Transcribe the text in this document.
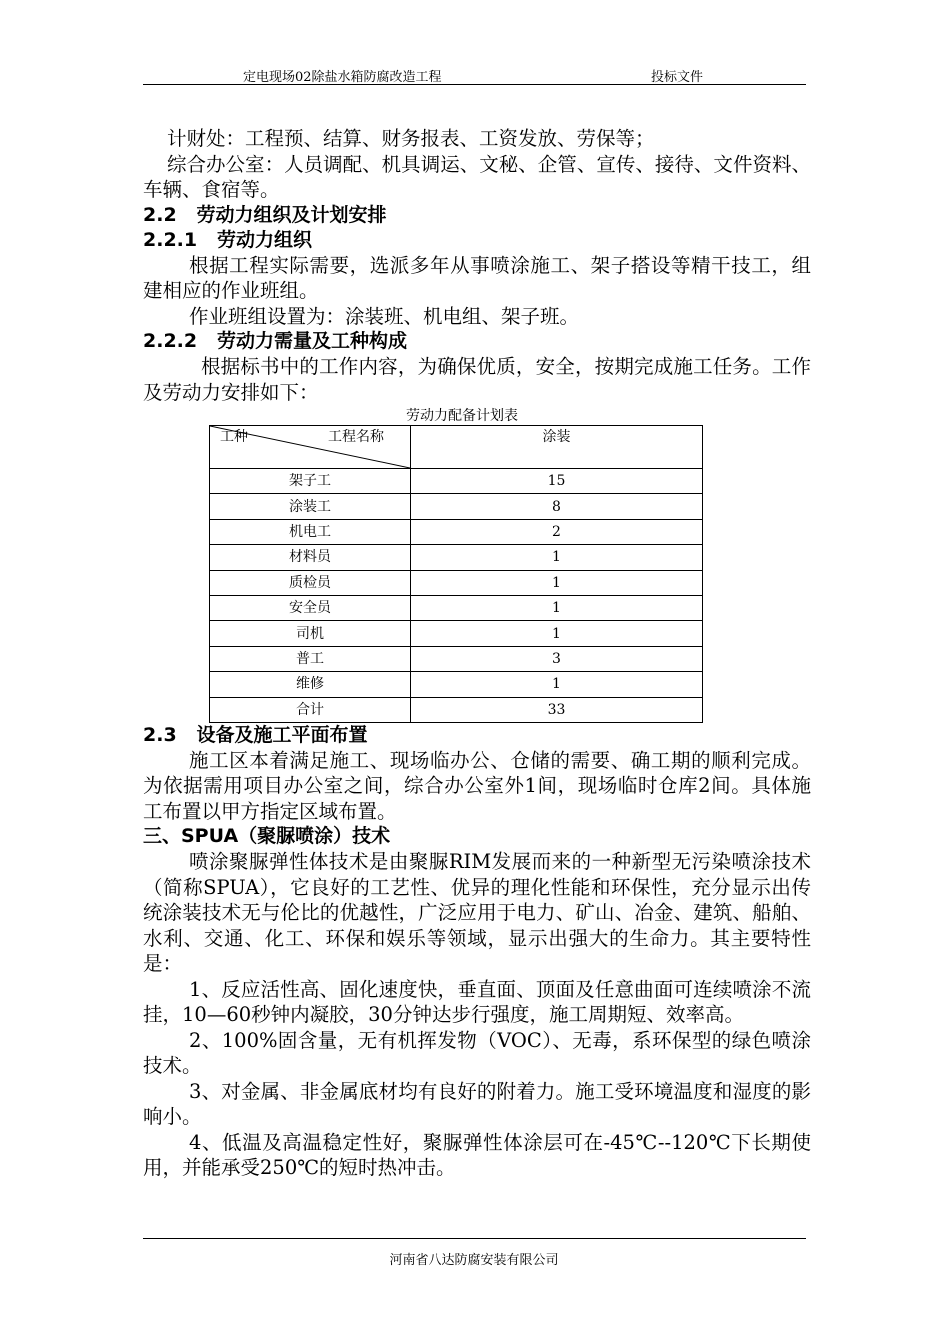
定电现场02除盐水箱防腐改造工程	投标文件

计财处：工程预、结算、财务报表、工资发放、劳保等；

综合办公室：人员调配、机具调运、文秘、企管、宣传、接待、文件资料、车辆、食宿等。

2.2 劳动力组织及计划安排

2.2.1 劳动力组织

根据工程实际需要，选派多年从事喷涂施工、架子搭设等精干技工，组建相应的作业班组。

作业班组设置为：涂装班、机电组、架子班。

2.2.2 劳动力需量及工种构成

根据标书中的工作内容，为确保优质，安全，按期完成施工任务。工作及劳动力安排如下：

劳动力配备计划表

工种 工程名称	涂装
架子工	15
涂装工	8
机电工	2
材料员	1
质检员	1
安全员	1
司机	1
普工	3
维修	1
合计	33

2.3 设备及施工平面布置

施工区本着满足施工、现场临办公、仓储的需要、确工期的顺利完成。为依据需用项目办公室之间，综合办公室外1间，现场临时仓库2间。具体施工布置以甲方指定区域布置。

三、SPUA（聚脲喷涂）技术

喷涂聚脲弹性体技术是由聚脲RIM发展而来的一种新型无污染喷涂技术（简称SPUA），它良好的工艺性、优异的理化性能和环保性，充分显示出传统涂装技术无与伦比的优越性，广泛应用于电力、矿山、冶金、建筑、船舶、水利、交通、化工、环保和娱乐等领域，显示出强大的生命力。其主要特性是：

1、反应活性高、固化速度快，垂直面、顶面及任意曲面可连续喷涂不流挂，10—60秒钟内凝胶，30分钟达步行强度，施工周期短、效率高。

2、100%固含量，无有机挥发物（VOC）、无毒，系环保型的绿色喷涂技术。

3、对金属、非金属底材均有良好的附着力。施工受环境温度和湿度的影响小。

4、低温及高温稳定性好，聚脲弹性体涂层可在-45℃--120℃下长期使用，并能承受250℃的短时热冲击。

河南省八达防腐安装有限公司
